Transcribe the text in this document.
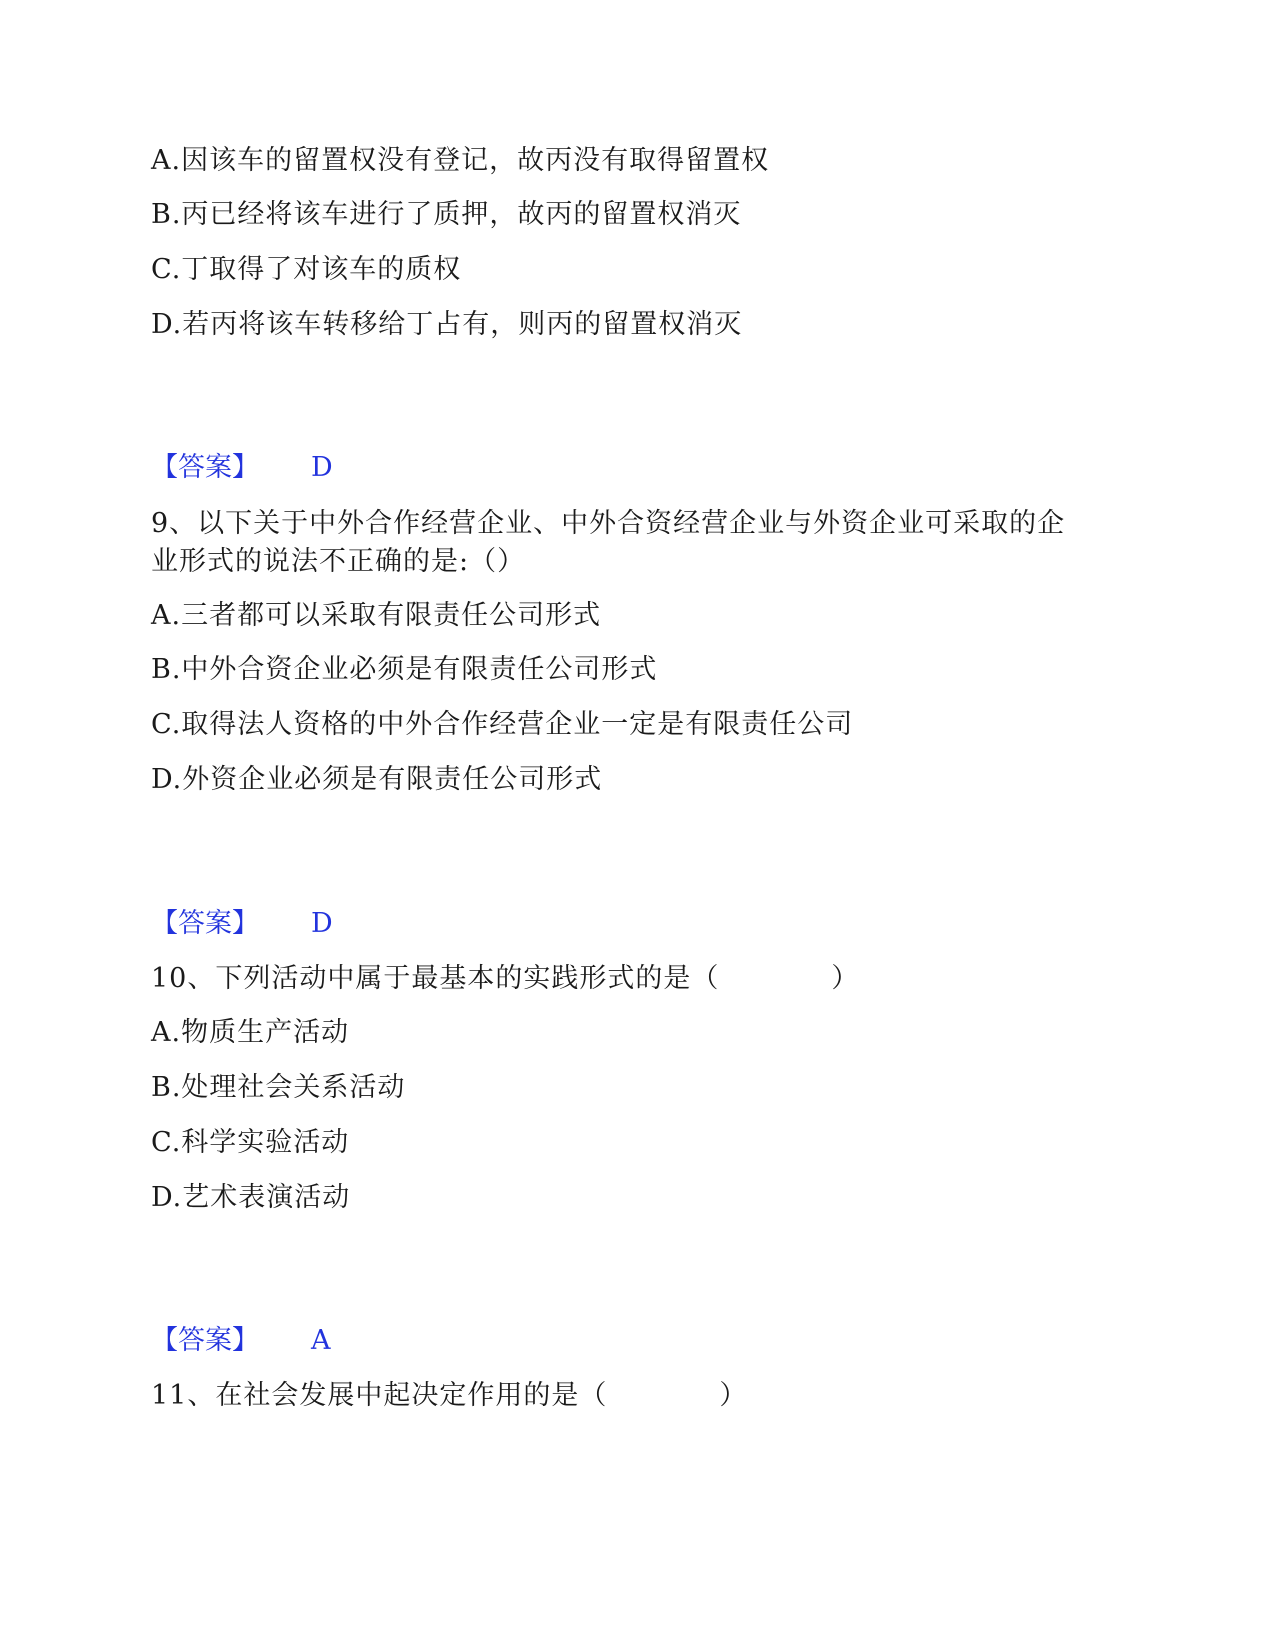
A.因该车的留置权没有登记，故丙没有取得留置权
B.丙已经将该车进行了质押，故丙的留置权消灭
C.丁取得了对该车的质权
D.若丙将该车转移给丁占有，则丙的留置权消灭
【答案】 D
9、以下关于中外合作经营企业、中外合资经营企业与外资企业可采取的企
业形式的说法不正确的是:（）
A.三者都可以采取有限责任公司形式
B.中外合资企业必须是有限责任公司形式
C.取得法人资格的中外合作经营企业一定是有限责任公司
D.外资企业必须是有限责任公司形式
【答案】 D
10、下列活动中属于最基本的实践形式的是（　　　　）
A.物质生产活动
B.处理社会关系活动
C.科学实验活动
D.艺术表演活动
【答案】 A
11、在社会发展中起决定作用的是（　　　　）
